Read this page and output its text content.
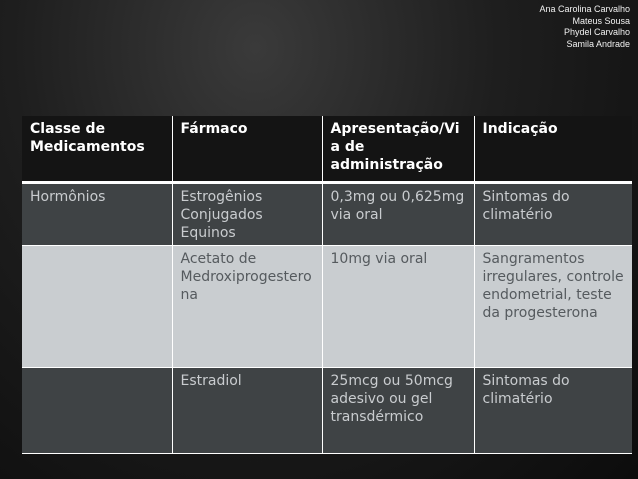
Ana Carolina Carvalho
Mateus Sousa
Phydel Carvalho
Samila Andrade
Classe de Medicamentos	Fármaco	Apresentação/Via de administração	Indicação
Hormônios	Estrogênios Conjugados Equinos	0,3mg ou 0,625mg via oral	Sintomas do climatério
	Acetato de Medroxiprogesterona	10mg via oral	Sangramentos irregulares, controle endometrial, teste da progesterona
	Estradiol	25mcg ou 50mcg adesivo ou gel transdérmico	Sintomas do climatério
